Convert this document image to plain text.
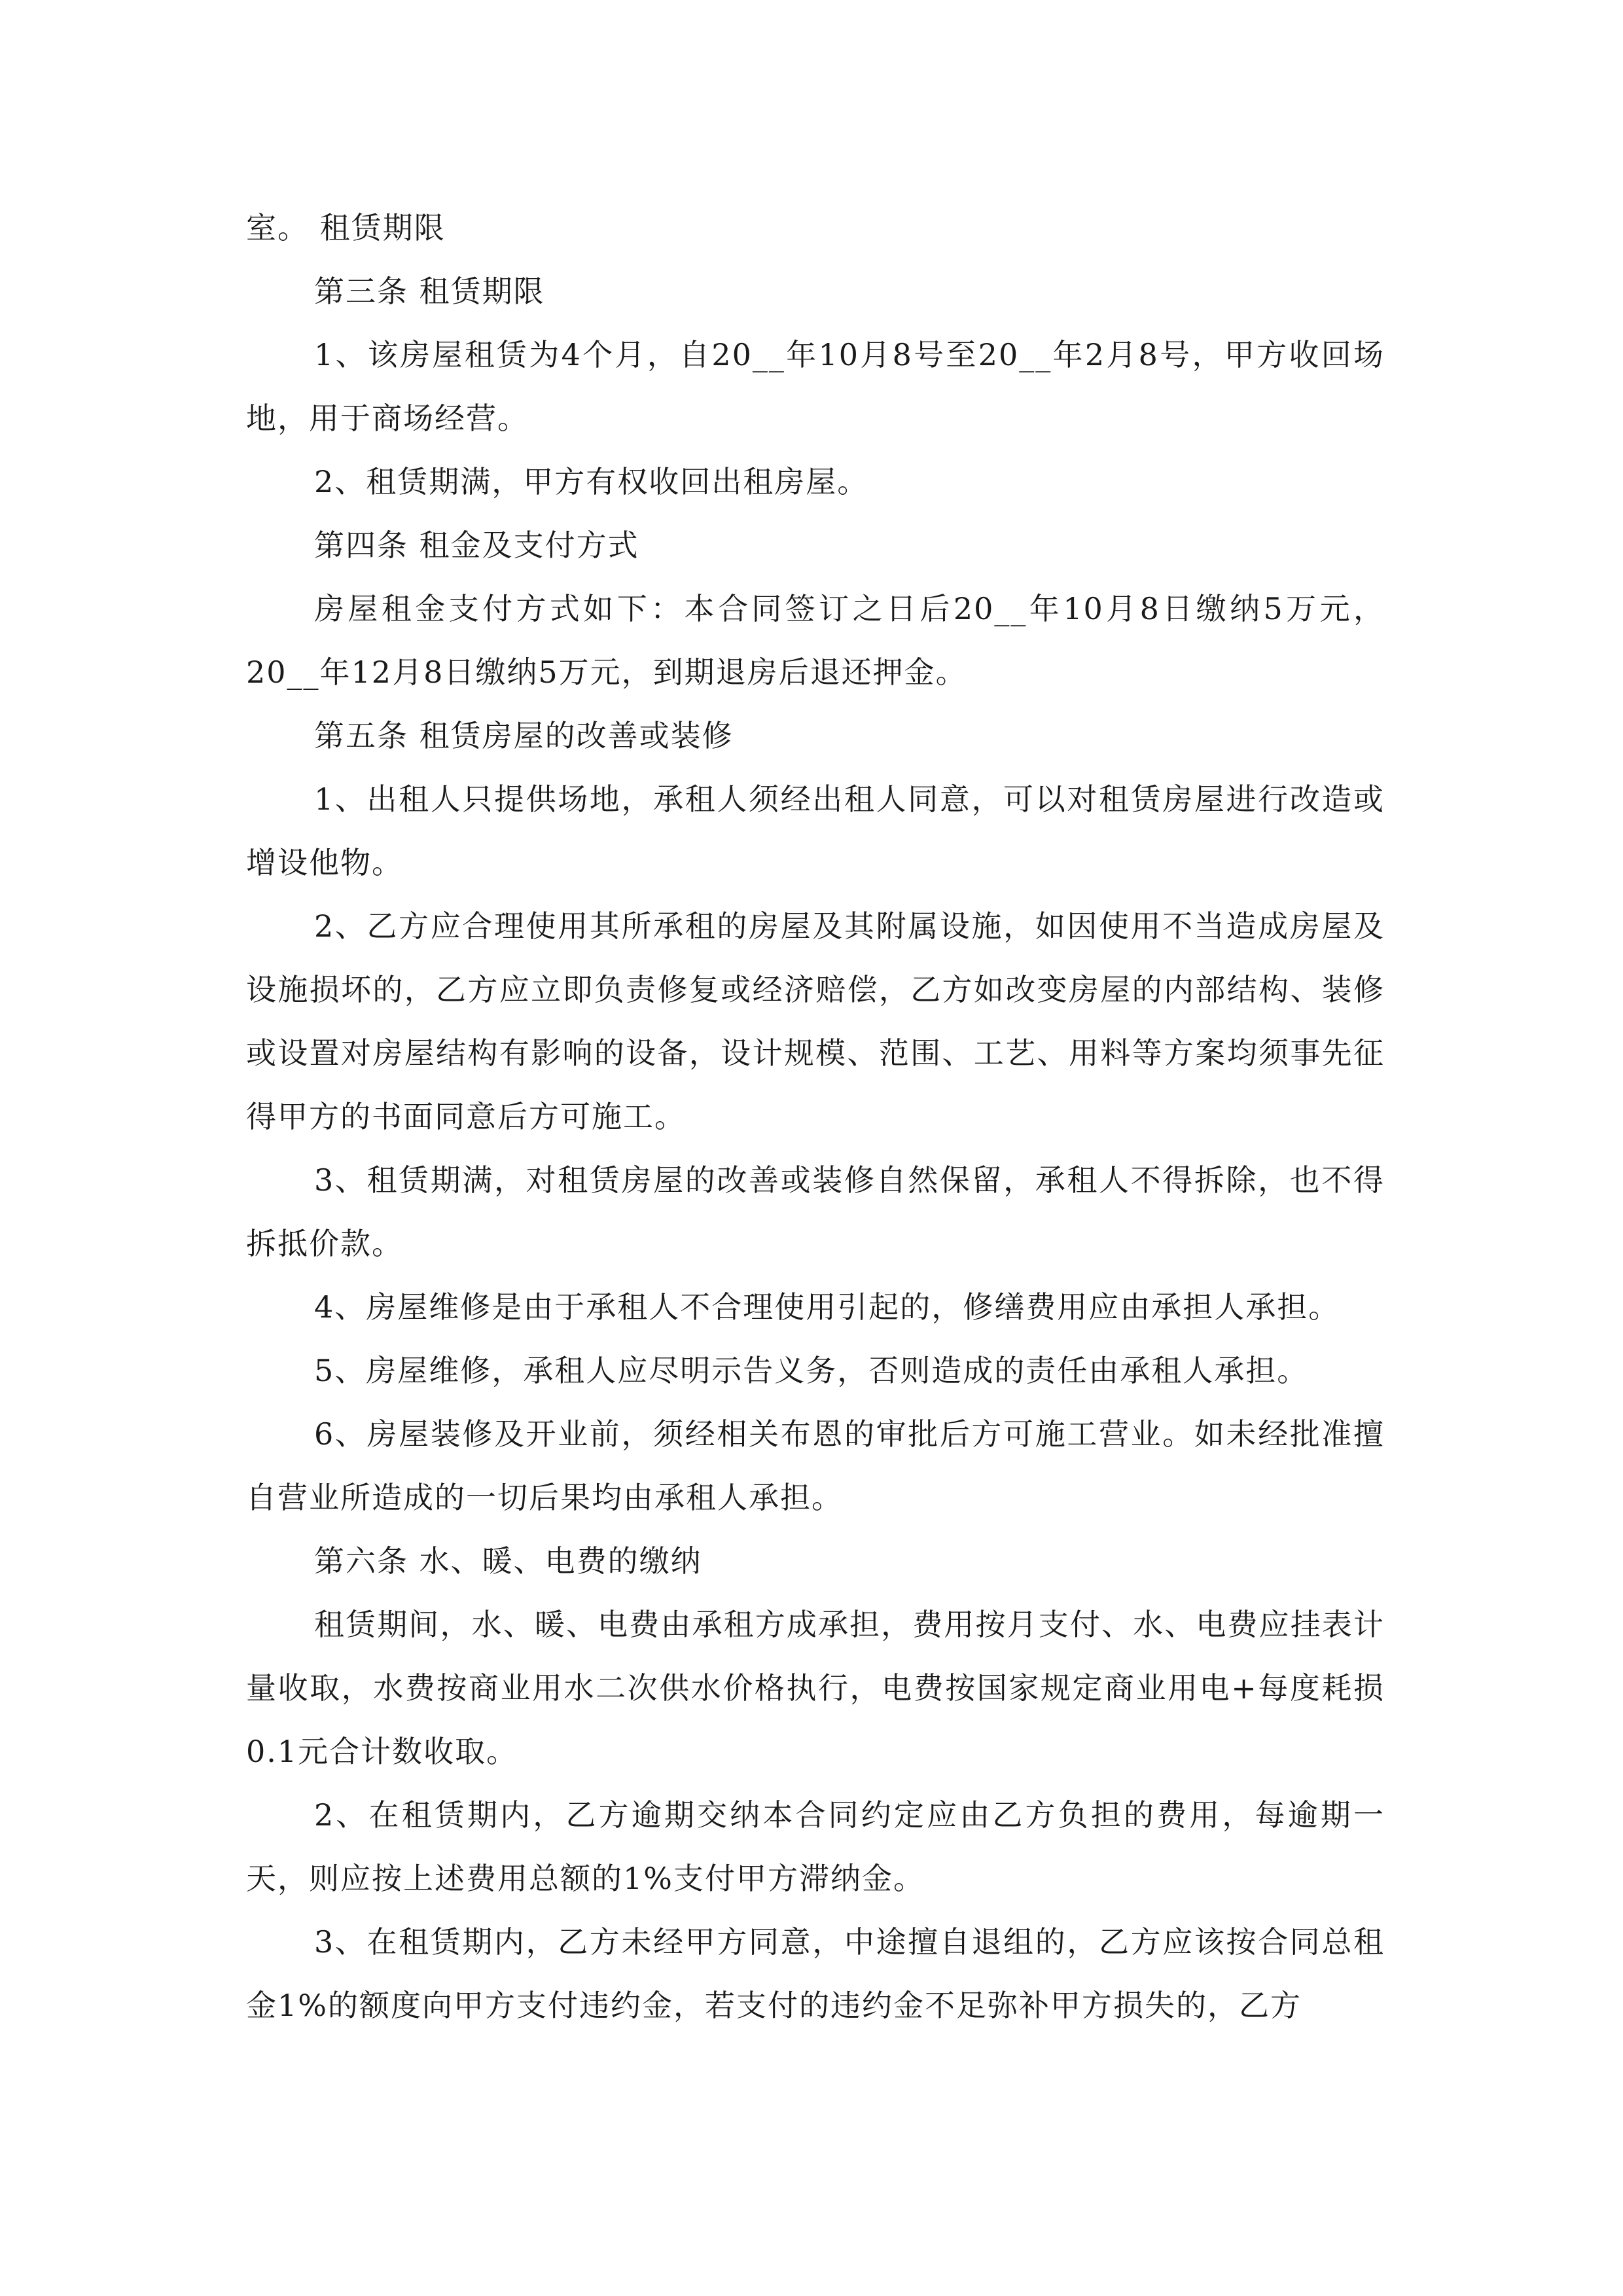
室。 租赁期限

第三条 租赁期限

1、该房屋租赁为4个月，自20__年10月8号至20__年2月8号，甲方收回场地，用于商场经营。

2、租赁期满，甲方有权收回出租房屋。

第四条 租金及支付方式

房屋租金支付方式如下：本合同签订之日后20__年10月8日缴纳5万元，20__年12月8日缴纳5万元，到期退房后退还押金。

第五条 租赁房屋的改善或装修

1、出租人只提供场地，承租人须经出租人同意，可以对租赁房屋进行改造或增设他物。

2、乙方应合理使用其所承租的房屋及其附属设施，如因使用不当造成房屋及设施损坏的，乙方应立即负责修复或经济赔偿，乙方如改变房屋的内部结构、装修或设置对房屋结构有影响的设备，设计规模、范围、工艺、用料等方案均须事先征得甲方的书面同意后方可施工。

3、租赁期满，对租赁房屋的改善或装修自然保留，承租人不得拆除，也不得拆抵价款。

4、房屋维修是由于承租人不合理使用引起的，修缮费用应由承担人承担。

5、房屋维修，承租人应尽明示告义务，否则造成的责任由承租人承担。

6、房屋装修及开业前，须经相关布恩的审批后方可施工营业。如未经批准擅自营业所造成的一切后果均由承租人承担。

第六条 水、暖、电费的缴纳

租赁期间，水、暖、电费由承租方成承担，费用按月支付、水、电费应挂表计量收取，水费按商业用水二次供水价格执行，电费按国家规定商业用电+每度耗损0.1元合计数收取。

2、在租赁期内，乙方逾期交纳本合同约定应由乙方负担的费用，每逾期一天，则应按上述费用总额的1%支付甲方滞纳金。

3、在租赁期内，乙方未经甲方同意，中途擅自退组的，乙方应该按合同总租金1%的额度向甲方支付违约金，若支付的违约金不足弥补甲方损失的，乙方
